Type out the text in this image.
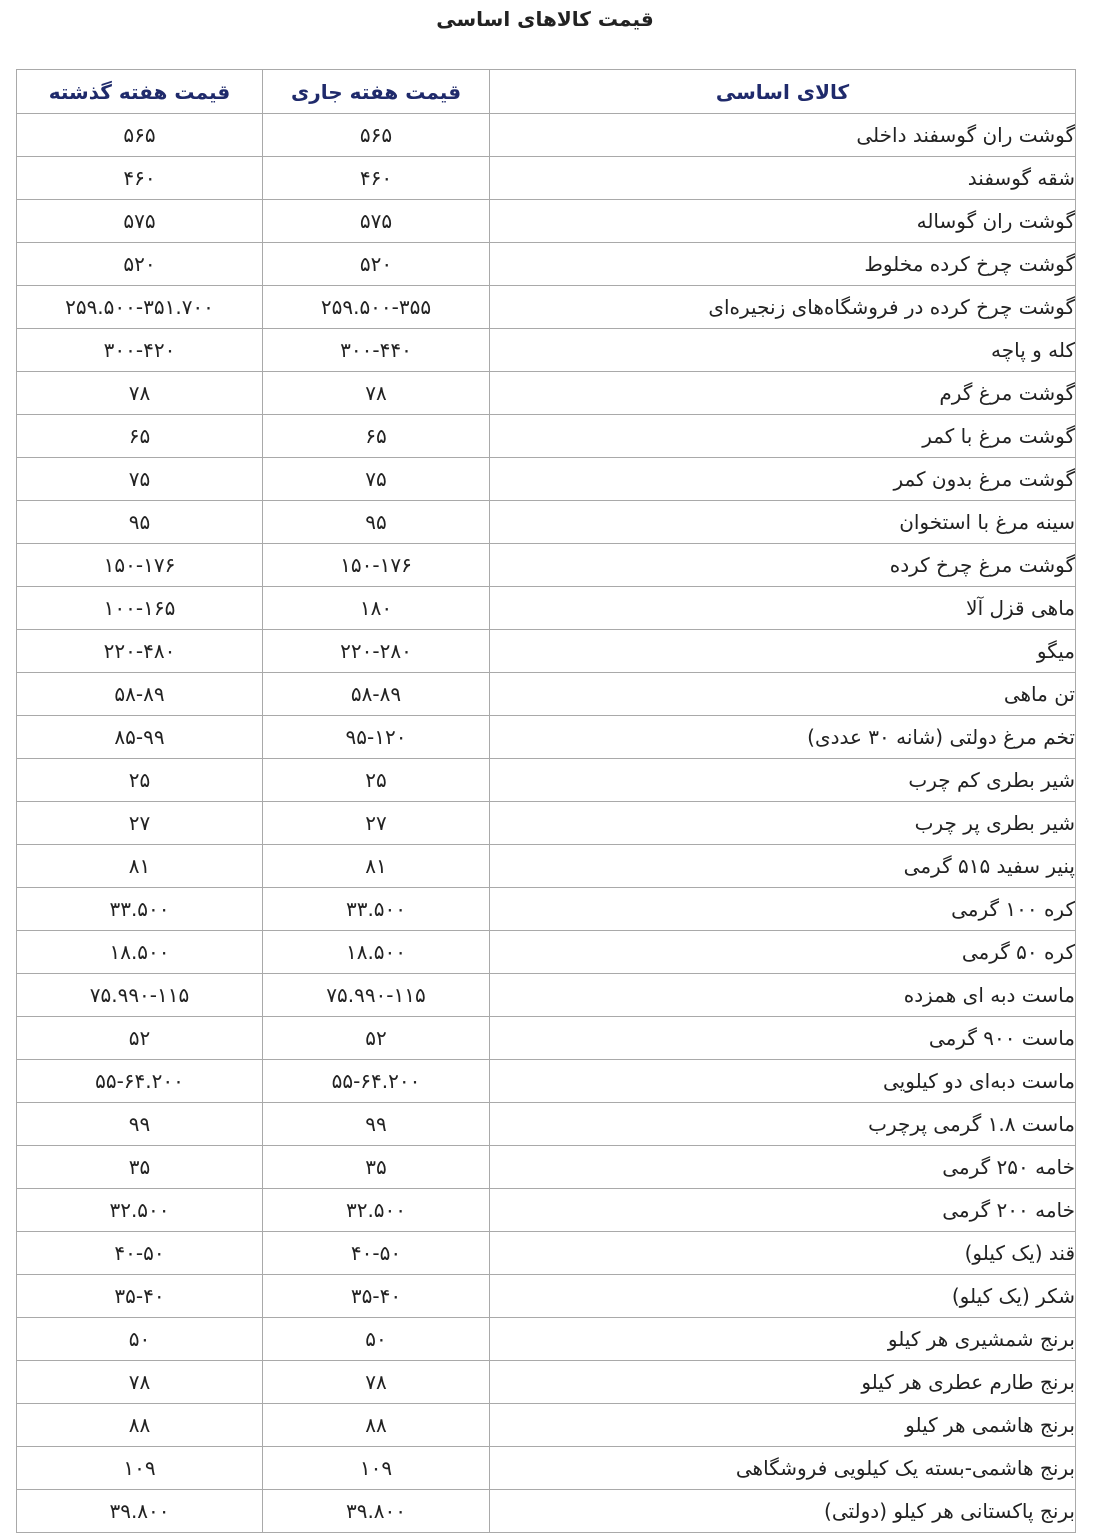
قیمت کالاهای اساسی
کالای اساسی	قیمت هفته جاری	قیمت هفته گذشته
گوشت ران گوسفند داخلی	۵۶۵	۵۶۵
شقه گوسفند	۴۶۰	۴۶۰
گوشت ران گوساله	۵۷۵	۵۷۵
گوشت چرخ کرده مخلوط	۵۲۰	۵۲۰
گوشت چرخ کرده در فروشگاه‌های زنجیره‌ای	۲۵۹.۵۰۰-۳۵۵	۲۵۹.۵۰۰-۳۵۱.۷۰۰
کله و پاچه	۳۰۰-۴۴۰	۳۰۰-۴۲۰
گوشت مرغ گرم	۷۸	۷۸
گوشت مرغ با کمر	۶۵	۶۵
گوشت مرغ بدون کمر	۷۵	۷۵
سینه مرغ با استخوان	۹۵	۹۵
گوشت مرغ چرخ کرده	۱۵۰-۱۷۶	۱۵۰-۱۷۶
ماهی قزل آلا	۱۸۰	۱۰۰-۱۶۵
میگو	۲۲۰-۲۸۰	۲۲۰-۴۸۰
تن ماهی	۵۸-۸۹	۵۸-۸۹
تخم مرغ دولتی (شانه ۳۰ عددی)	۹۵-۱۲۰	۸۵-۹۹
شیر بطری کم چرب	۲۵	۲۵
شیر بطری پر چرب	۲۷	۲۷
پنیر سفید ۵۱۵ گرمی	۸۱	۸۱
کره ۱۰۰ گرمی	۳۳.۵۰۰	۳۳.۵۰۰
کره ۵۰ گرمی	۱۸.۵۰۰	۱۸.۵۰۰
ماست دبه ای همزده	۷۵.۹۹۰-۱۱۵	۷۵.۹۹۰-۱۱۵
ماست ۹۰۰ گرمی	۵۲	۵۲
ماست دبه‌ای دو کیلویی	۵۵-۶۴.۲۰۰	۵۵-۶۴.۲۰۰
ماست ۱.۸ گرمی پرچرب	۹۹	۹۹
خامه ۲۵۰ گرمی	۳۵	۳۵
خامه ۲۰۰ گرمی	۳۲.۵۰۰	۳۲.۵۰۰
قند (یک کیلو)	۴۰-۵۰	۴۰-۵۰
شکر (یک کیلو)	۳۵-۴۰	۳۵-۴۰
برنج شمشیری هر کیلو	۵۰	۵۰
برنج طارم عطری هر کیلو	۷۸	۷۸
برنج هاشمی هر کیلو	۸۸	۸۸
برنج هاشمی-بسته یک کیلویی فروشگاهی	۱۰۹	۱۰۹
برنج پاکستانی هر کیلو (دولتی)	۳۹.۸۰۰	۳۹.۸۰۰
